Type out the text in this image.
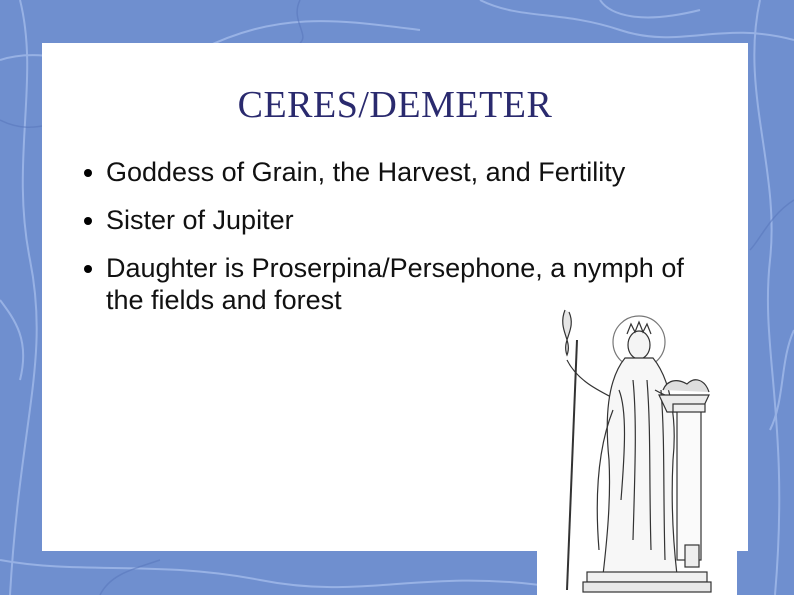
CERES/DEMETER
Goddess of Grain, the Harvest, and Fertility
Sister of Jupiter
Daughter is Proserpina/Persephone, a nymph of the fields and forest
